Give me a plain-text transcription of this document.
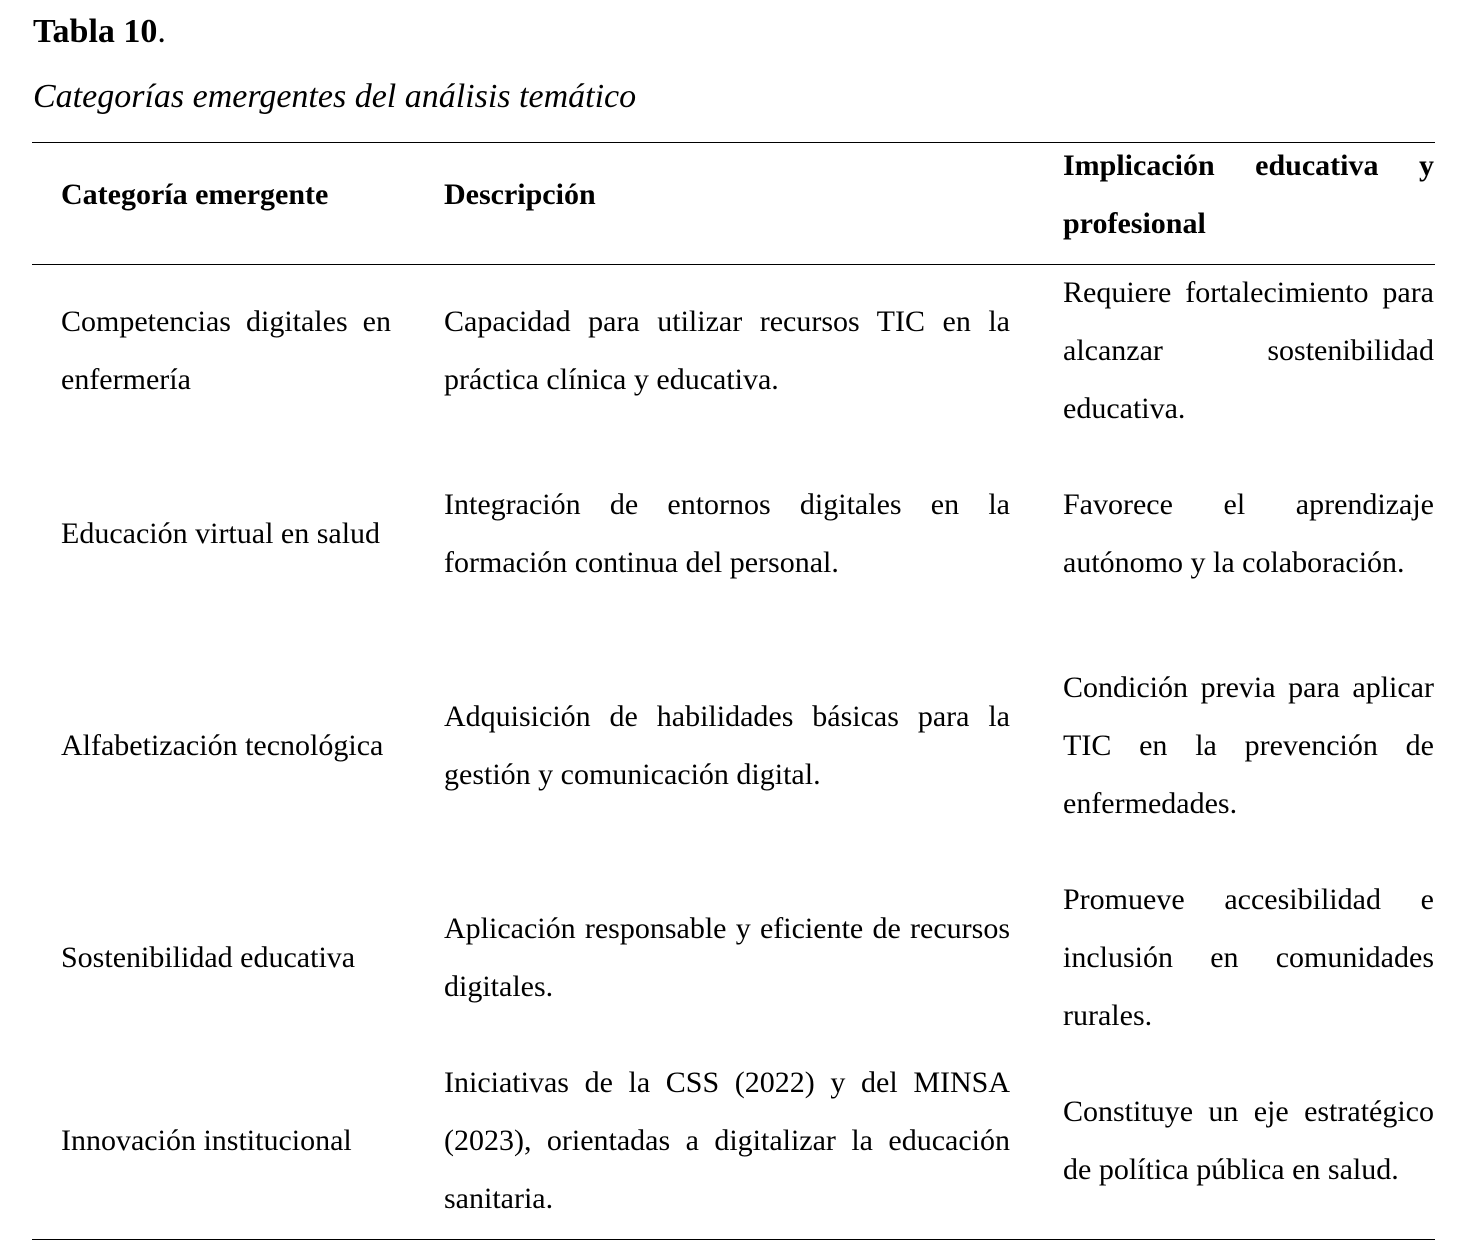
Tabla 10.
Categorías emergentes del análisis temático
Categoría emergente	Descripción
Implicación educativa y profesional
Competencias digitales en enfermería
Capacidad para utilizar recursos TIC en la práctica clínica y educativa.
Requiere fortalecimiento para alcanzar sostenibilidad educativa.
Educación virtual en salud
Integración de entornos digitales en la formación continua del personal.
Favorece el aprendizaje autónomo y la colaboración.
Alfabetización tecnológica
Adquisición de habilidades básicas para la gestión y comunicación digital.
Condición previa para aplicar TIC en la prevención de enfermedades.
Sostenibilidad educativa
Aplicación responsable y eficiente de recursos digitales.
Promueve accesibilidad e inclusión en comunidades rurales.
Innovación institucional
Iniciativas de la CSS (2022) y del MINSA (2023), orientadas a digitalizar la educación sanitaria.
Constituye un eje estratégico de política pública en salud.
